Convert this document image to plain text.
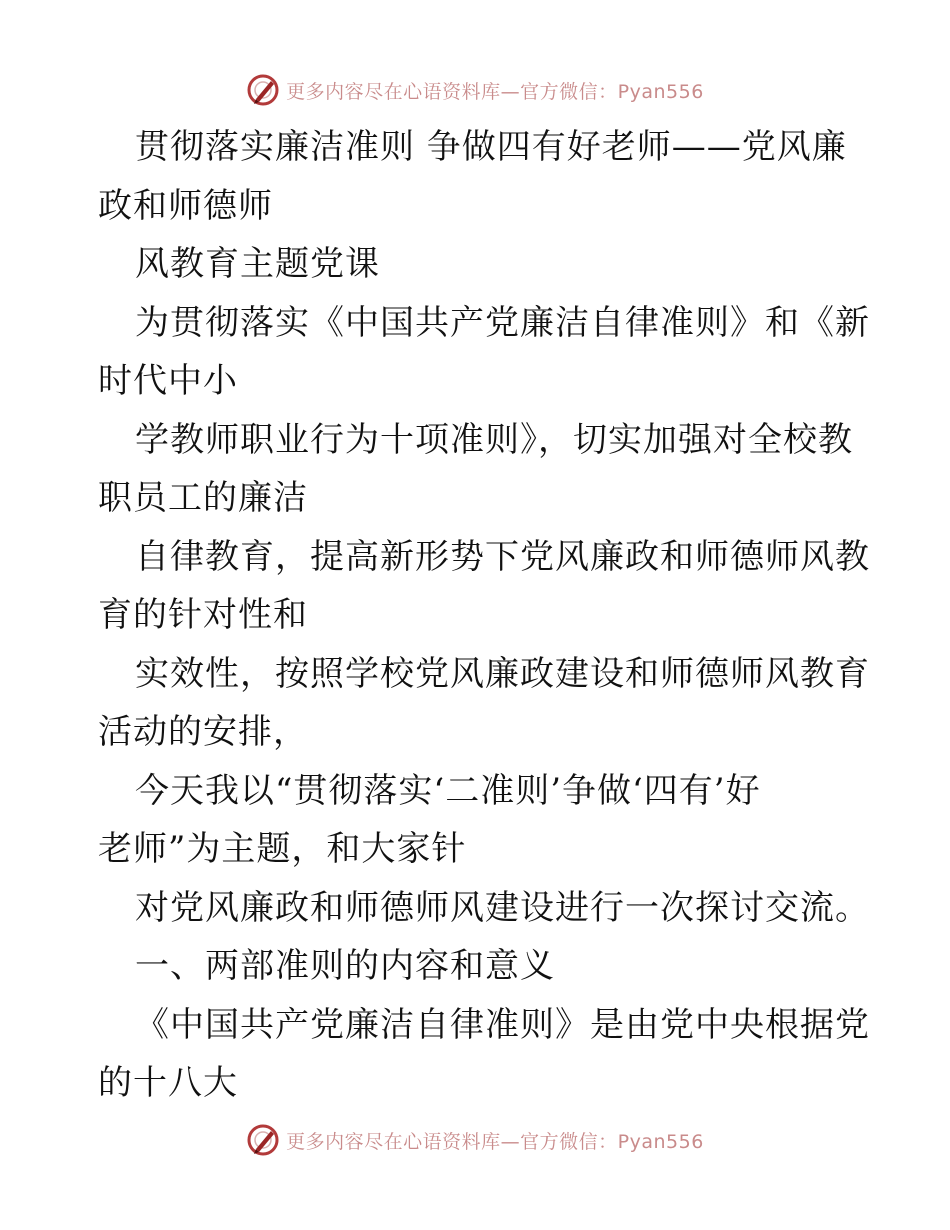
更多内容尽在心语资料库—官方微信：Pyan556
贯彻落实廉洁准则 争做四有好老师——党风廉
政和师德师
风教育主题党课
为贯彻落实《中国共产党廉洁自律准则》和《新
时代中小
学教师职业行为十项准则》，切实加强对全校教
职员工的廉洁
自律教育，提高新形势下党风廉政和师德师风教
育的针对性和
实效性，按照学校党风廉政建设和师德师风教育
活动的安排，
今天我以“贯彻落实‘二准则’争做‘四有’好
老师”为主题，和大家针
对党风廉政和师德师风建设进行一次探讨交流。
一、两部准则的内容和意义
《中国共产党廉洁自律准则》是由党中央根据党
的十八大
更多内容尽在心语资料库—官方微信：Pyan556
